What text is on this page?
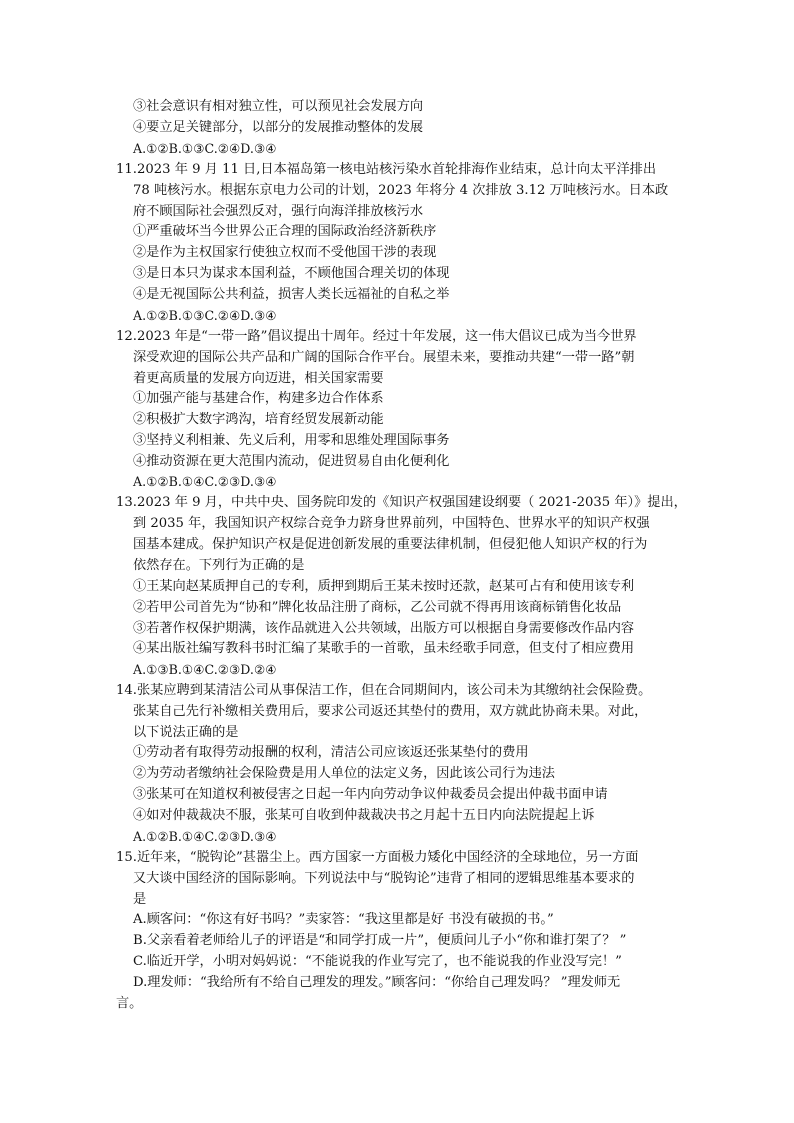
③社会意识有相对独立性，可以预见社会发展方向
④要立足关键部分，以部分的发展推动整体的发展
A.①②B.①③C.②④D.③④
11.2023 年 9 月 11 日,日本福岛第一核电站核污染水首轮排海作业结束，总计向太平洋排出
78 吨核污水。根据东京电力公司的计划，2023 年将分 4 次排放 3.12 万吨核污水。日本政
府不顾国际社会强烈反对，强行向海洋排放核污水
①严重破坏当今世界公正合理的国际政治经济新秩序
②是作为主权国家行使独立权而不受他国干涉的表现
③是日本只为谋求本国利益，不顾他国合理关切的体现
④是无视国际公共利益，损害人类长远福祉的自私之举
A.①②B.①③C.②④D.③④
12.2023 年是“一带一路”倡议提出十周年。经过十年发展，这一伟大倡议已成为当今世界
深受欢迎的国际公共产品和广阔的国际合作平台。展望未来，要推动共建“一带一路”朝
着更高质量的发展方向迈进，相关国家需要
①加强产能与基建合作，构建多边合作体系
②积极扩大数字鸿沟，培育经贸发展新动能
③坚持义利相兼、先义后利，用零和思维处理国际事务
④推动资源在更大范围内流动，促进贸易自由化便利化
A.①②B.①④C.②③D.③④
13.2023 年 9 月，中共中央、国务院印发的《知识产权强国建设纲要（ 2021-2035 年）》提出，
到 2035 年，我国知识产权综合竞争力跻身世界前列，中国特色、世界水平的知识产权强
国基本建成。保护知识产权是促进创新发展的重要法律机制，但侵犯他人知识产权的行为
依然存在。下列行为正确的是
①王某向赵某质押自己的专利，质押到期后王某未按时还款，赵某可占有和使用该专利
②若甲公司首先为“协和”牌化妆品注册了商标，乙公司就不得再用该商标销售化妆品
③若著作权保护期满，该作品就进入公共领域，出版方可以根据自身需要修改作品内容
④某出版社编写教科书时汇编了某歌手的一首歌，虽未经歌手同意，但支付了相应费用
A.①③B.①④C.②③D.②④
14.张某应聘到某清洁公司从事保洁工作，但在合同期间内，该公司未为其缴纳社会保险费。
张某自己先行补缴相关费用后，要求公司返还其垫付的费用，双方就此协商未果。对此，
以下说法正确的是
①劳动者有取得劳动报酬的权利，清洁公司应该返还张某垫付的费用
②为劳动者缴纳社会保险费是用人单位的法定义务，因此该公司行为违法
③张某可在知道权利被侵害之日起一年内向劳动争议仲裁委员会提出仲裁书面申请
④如对仲裁裁决不服，张某可自收到仲裁裁决书之月起十五日内向法院提起上诉
A.①②B.①④C.②③D.③④
15.近年来，“脱钩论”甚嚣尘上。西方国家一方面极力矮化中国经济的全球地位，另一方面
又大谈中国经济的国际影响。下列说法中与“脱钩论”违背了相同的逻辑思维基本要求的
是
A.顾客问：“你这有好书吗？”卖家答：“我这里都是好 书没有破损的书。”
B.父亲看着老师给儿子的评语是“和同学打成一片”，便质问儿子小“你和谁打架了？ ”
C.临近开学，小明对妈妈说：“不能说我的作业写完了，也不能说我的作业没写完！”
D.理发师：“我给所有不给自己理发的理发。”顾客问：“你给自己理发吗？ ”理发师无
言。
